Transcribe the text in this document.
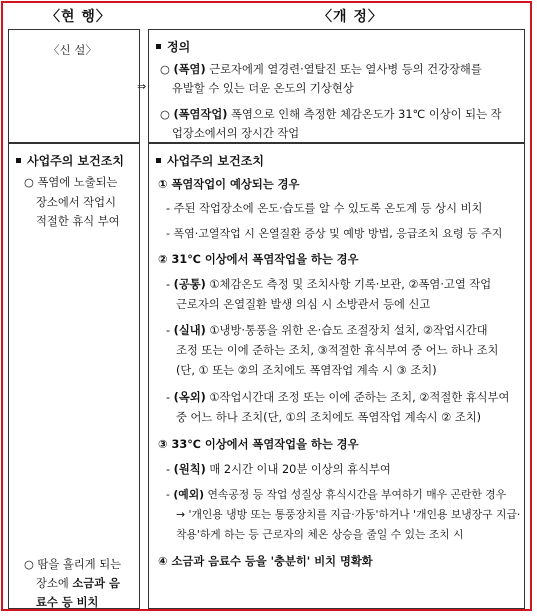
〈현 행〉	〈개 정〉
⇒
〈신 설〉
사업주의 보건조치
○ 폭염에 노출되는
장소에서 작업시
적절한 휴식 부여
○ 땀을 흘리게 되는
장소에 소금과 음
료수 등 비치
정의
○ (폭염) 근로자에게 열경련·열탈진 또는 열사병 등의 건강장해를
유발할 수 있는 더운 온도의 기상현상
○ (폭염작업) 폭염으로 인해 측정한 체감온도가 31℃ 이상이 되는 작
업장소에서의 장시간 작업
사업주의 보건조치
① 폭염작업이 예상되는 경우
- 주된 작업장소에 온도·습도를 알 수 있도록 온도계 등 상시 비치
- 폭염·고열작업 시 온열질환 증상 및 예방 방법, 응급조치 요령 등 주지
② 31℃ 이상에서 폭염작업을 하는 경우
- (공통) ①체감온도 측정 및 조치사항 기록·보관, ②폭염·고열 작업
근로자의 온열질환 발생 의심 시 소방관서 등에 신고
- (실내) ①냉방·통풍을 위한 온·습도 조절장치 설치, ②작업시간대
조정 또는 이에 준하는 조치, ③적절한 휴식부여 중 어느 하나 조치
(단, ① 또는 ②의 조치에도 폭염작업 계속 시 ③ 조치)
- (옥외) ①작업시간대 조정 또는 이에 준하는 조치, ②적절한 휴식부여
중 어느 하나 조치(단, ①의 조치에도 폭염작업 계속시 ② 조치)
③ 33℃ 이상에서 폭염작업을 하는 경우
- (원칙) 매 2시간 이내 20분 이상의 휴식부여
- (예외) 연속공정 등 작업 성질상 휴식시간을 부여하기 매우 곤란한 경우
→ '개인용 냉방 또는 통풍장치를 지급·가동'하거나 '개인용 보냉장구 지급·
착용'하게 하는 등 근로자의 체온 상승을 줄일 수 있는 조치 시
④ 소금과 음료수 등을 '충분히' 비치 명확화
